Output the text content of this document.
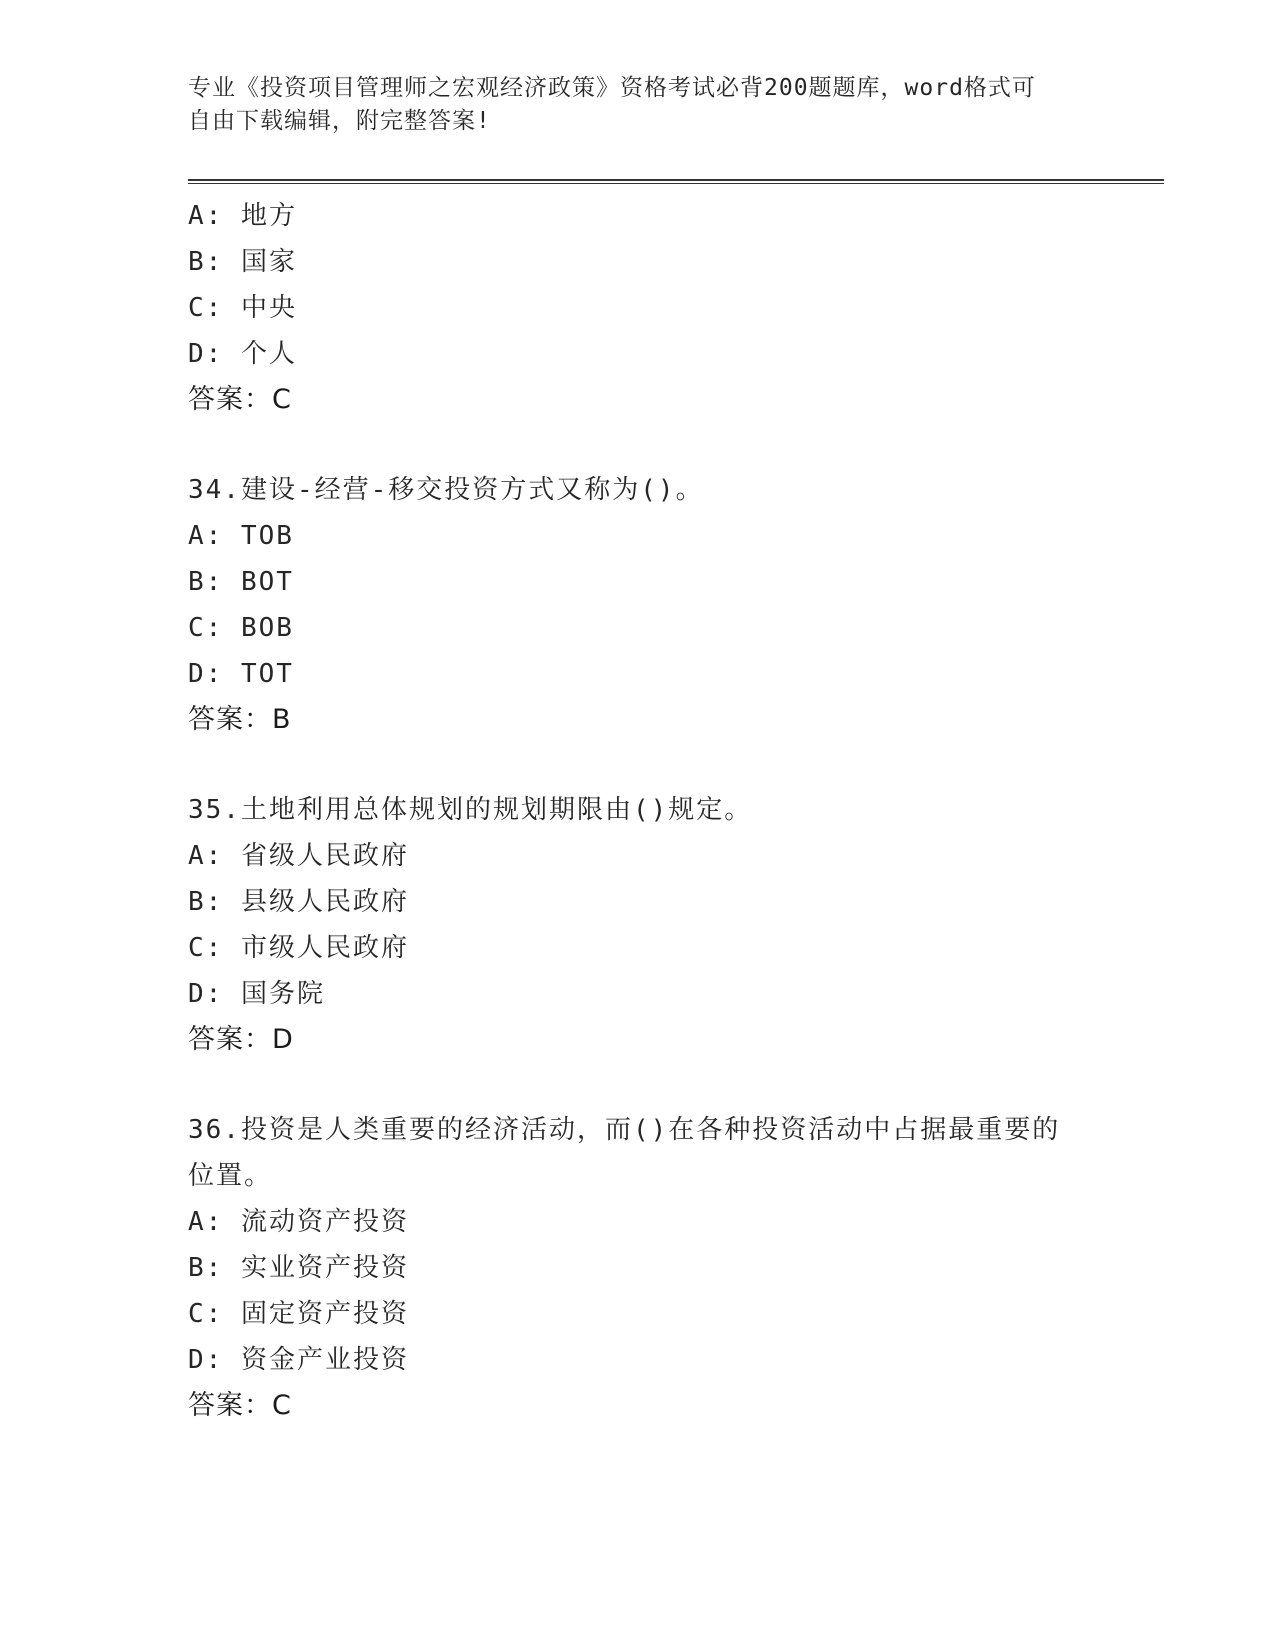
专业《投资项目管理师之宏观经济政策》资格考试必背200题题库，word格式可
自由下载编辑，附完整答案!
A: 地方
B: 国家
C: 中央
D: 个人
答案：C
34.建设-经营-移交投资方式又称为()。
A: TOB
B: BOT
C: BOB
D: TOT
答案：B
35.土地利用总体规划的规划期限由()规定。
A: 省级人民政府
B: 县级人民政府
C: 市级人民政府
D: 国务院
答案：D
36.投资是人类重要的经济活动，而()在各种投资活动中占据最重要的位置。
A: 流动资产投资
B: 实业资产投资
C: 固定资产投资
D: 资金产业投资
答案：C
